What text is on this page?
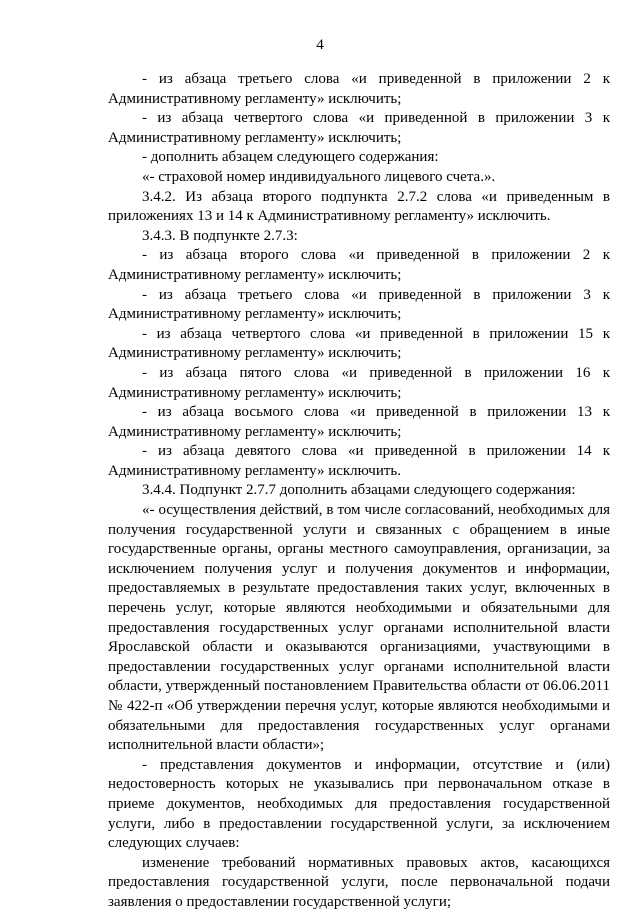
4

- из абзаца третьего слова «и приведенной в приложении 2 к Административному регламенту» исключить;

- из абзаца четвертого слова «и приведенной в приложении 3 к Административному регламенту» исключить;

- дополнить абзацем следующего содержания:

«- страховой номер индивидуального лицевого счета.».

3.4.2. Из абзаца второго подпункта 2.7.2 слова «и приведенным в приложениях 13 и 14 к Административному регламенту» исключить.

3.4.3. В подпункте 2.7.3:

- из абзаца второго слова «и приведенной в приложении 2 к Административному регламенту» исключить;

- из абзаца третьего слова «и приведенной в приложении 3 к Административному регламенту» исключить;

- из абзаца четвертого слова «и приведенной в приложении 15 к Административному регламенту» исключить;

- из абзаца пятого слова «и приведенной в приложении 16 к Административному регламенту» исключить;

- из абзаца восьмого слова «и приведенной в приложении 13 к Административному регламенту» исключить;

- из абзаца девятого слова «и приведенной в приложении 14 к Административному регламенту» исключить.

3.4.4. Подпункт 2.7.7 дополнить абзацами следующего содержания:

«- осуществления действий, в том числе согласований, необходимых для получения государственной услуги и связанных с обращением в иные государственные органы, органы местного самоуправления, организации, за исключением получения услуг и получения документов и информации, предоставляемых в результате предоставления таких услуг, включенных в перечень услуг, которые являются необходимыми и обязательными для предоставления государственных услуг органами исполнительной власти Ярославской области и оказываются организациями, участвующими в предоставлении государственных услуг органами исполнительной власти области, утвержденный постановлением Правительства области от 06.06.2011 № 422-п «Об утверждении перечня услуг, которые являются необходимыми и обязательными для предоставления государственных услуг органами исполнительной власти области»;

- представления документов и информации, отсутствие и (или) недостоверность которых не указывались при первоначальном отказе в приеме документов, необходимых для предоставления государственной услуги, либо в предоставлении государственной услуги, за исключением следующих случаев:

изменение требований нормативных правовых актов, касающихся предоставления государственной услуги, после первоначальной подачи заявления о предоставлении государственной услуги;
